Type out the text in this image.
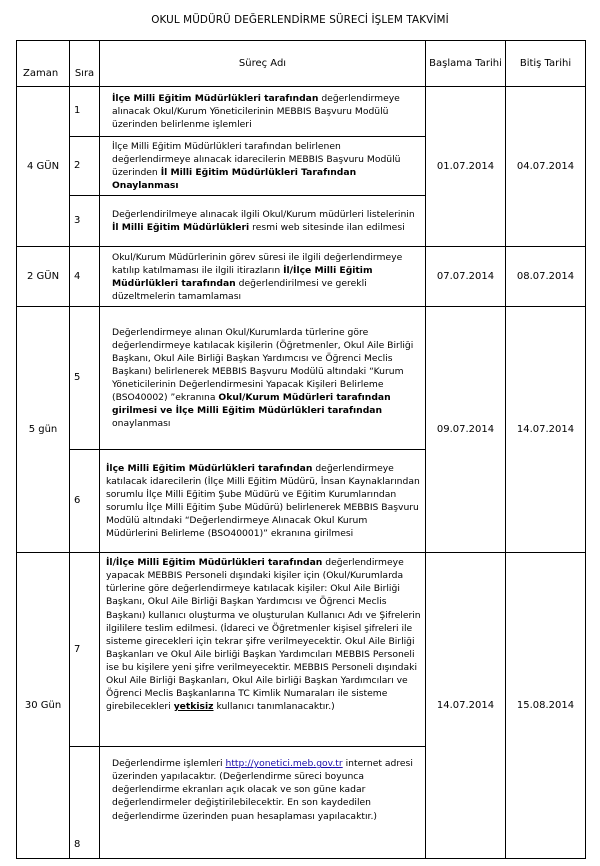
OKUL MÜDÜRÜ DEĞERLENDİRME SÜRECİ İŞLEM TAKVİMİ
Zaman	Sıra	Süreç Adı	Başlama Tarihi	Bitiş Tarihi
4 GÜN	1	İlçe Milli Eğitim Müdürlükleri tarafından değerlendirmeye alınacak Okul/Kurum Yöneticilerinin MEBBIS Başvuru Modülü üzerinden belirlenme işlemleri	01.07.2014	04.07.2014
	2	İlçe Milli Eğitim Müdürlükleri tarafından belirlenen değerlendirmeye alınacak idarecilerin MEBBIS Başvuru Modülü üzerinden İl Milli Eğitim Müdürlükleri Tarafından Onaylanması		
	3	Değerlendirilmeye alınacak ilgili Okul/Kurum müdürleri listelerinin İl Milli Eğitim Müdürlükleri resmi web sitesinde ilan edilmesi		
2 GÜN	4	Okul/Kurum Müdürlerinin görev süresi ile ilgili değerlendirmeye katılıp katılmaması ile ilgili itirazların İl/İlçe Milli Eğitim Müdürlükleri tarafından değerlendirilmesi ve gerekli düzeltmelerin tamamlaması	07.07.2014	08.07.2014
5 gün	5	Değerlendirmeye alınan Okul/Kurumlarda türlerine göre değerlendirmeye katılacak kişilerin (Öğretmenler, Okul Aile Birliği Başkanı, Okul Aile Birliği Başkan Yardımcısı ve Öğrenci Meclis Başkanı) belirlenerek MEBBIS Başvuru Modülü altındaki “Kurum Yöneticilerinin Değerlendirmesini Yapacak Kişileri Belirleme (BSO40002) ”ekranına Okul/Kurum Müdürleri tarafından girilmesi ve İlçe Milli Eğitim Müdürlükleri tarafından onaylanması	09.07.2014	14.07.2014
	6	İlçe Milli Eğitim Müdürlükleri tarafından değerlendirmeye katılacak idarecilerin (İlçe Milli Eğitim Müdürü, İnsan Kaynaklarından sorumlu İlçe Milli Eğitim Şube Müdürü ve Eğitim Kurumlarından sorumlu İlçe Milli Eğitim Şube Müdürü) belirlenerek MEBBIS Başvuru Modülü altındaki “Değerlendirmeye Alınacak Okul Kurum Müdürlerini Belirleme (BSO40001)” ekranına girilmesi		
30 Gün	7	İl/İlçe Milli Eğitim Müdürlükleri tarafından değerlendirmeye yapacak MEBBIS Personeli dışındaki kişiler için (Okul/Kurumlarda türlerine göre değerlendirmeye katılacak kişiler: Okul Aile Birliği Başkanı, Okul Aile Birliği Başkan Yardımcısı ve Öğrenci Meclis Başkanı) kullanıcı oluşturma ve oluşturulan Kullanıcı Adı ve Şifrelerin ilgililere teslim edilmesi. (İdareci ve Öğretmenler kişisel şifreleri ile sisteme girecekleri için tekrar şifre verilmeyecektir. Okul Aile Birliği Başkanları ve Okul Aile birliği Başkan Yardımcıları MEBBIS Personeli ise bu kişilere yeni şifre verilmeyecektir. MEBBIS Personeli dışındaki Okul Aile Birliği Başkanları, Okul Aile birliği Başkan Yardımcıları ve Öğrenci Meclis Başkanlarına TC Kimlik Numaraları ile sisteme girebilecekleri yetkisiz kullanıcı tanımlanacaktır.)	14.07.2014	15.08.2014
	8	Değerlendirme işlemleri http://yonetici.meb.gov.tr internet adresi üzerinden yapılacaktır. (Değerlendirme süreci boyunca değerlendirme ekranları açık olacak ve son güne kadar değerlendirmeler değiştirilebilecektir. En son kaydedilen değerlendirme üzerinden puan hesaplaması yapılacaktır.)		
